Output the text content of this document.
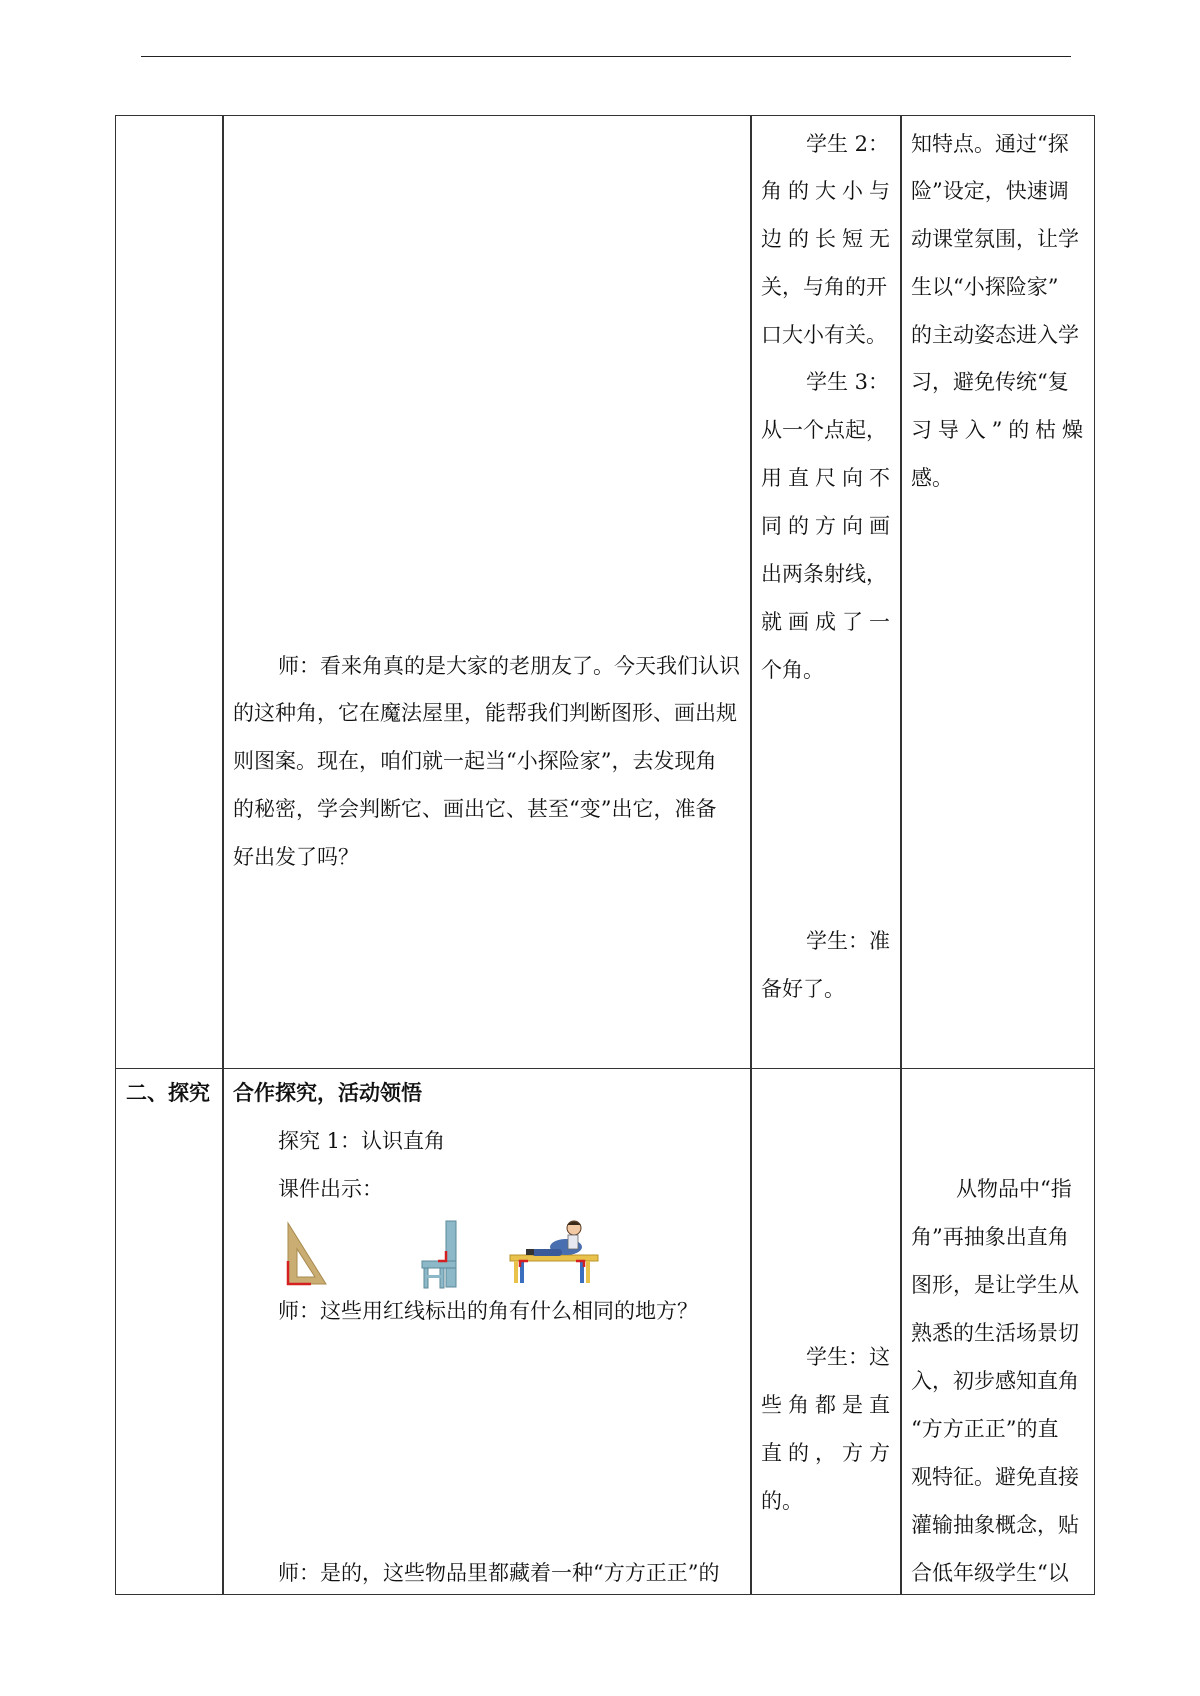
师：看来角真的是大家的老朋友了。今天我们认识
的这种角，它在魔法屋里，能帮我们判断图形、画出规
则图案。现在，咱们就一起当“小探险家”，去发现角
的秘密，学会判断它、画出它、甚至“变”出它，准备
好出发了吗？
学生 2：
角 的 大 小 与
边 的 长 短 无
关，与角的开
口大小有关。
学生 3：
从一个点起，
用 直 尺 向 不
同 的 方 向 画
出两条射线，
就 画 成 了 一
个角。
学生：准
备好了。
知特点。通过“探
险”设定，快速调
动课堂氛围，让学
生以“小探险家”
的主动姿态进入学
习，避免传统“复
习 导 入 ” 的 枯 燥
感。
二、探究 合作探究，活动领悟
探究 1：认识直角
课件出示：
师：这些用红线标出的角有什么相同的地方？
师：是的，这些物品里都藏着一种“方方正正”的
学生：这
些 角 都 是 直
直 的 ， 方 方
的。
从物品中“指
角”再抽象出直角
图形，是让学生从
熟悉的生活场景切
入，初步感知直角
“方方正正”的直
观特征。避免直接
灌输抽象概念，贴
合低年级学生“以
